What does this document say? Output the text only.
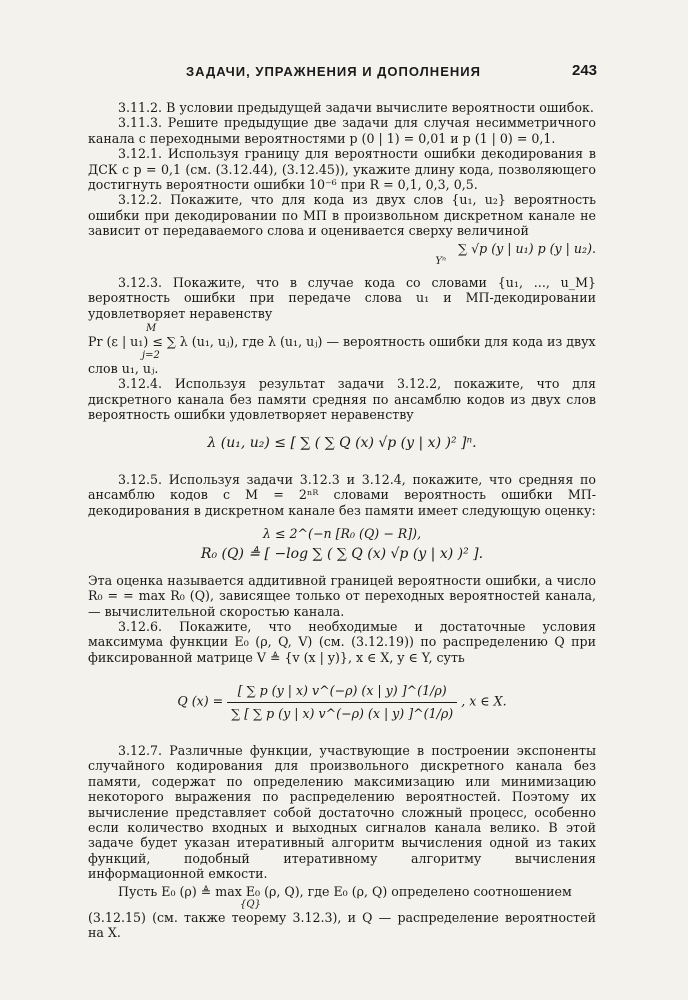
ЗАДАЧИ, УПРАЖНЕНИЯ И ДОПОЛНЕНИЯ	243

3.11.2. В условии предыдущей задачи вычислите вероятности ошибок.

3.11.3. Решите предыдущие две задачи для случая несимметричного канала с переходными вероятностями p (0 | 1) = 0,01 и p (1 | 0) = 0,1.

3.12.1. Используя границу для вероятности ошибки декодирования в ДСК с p = 0,1 (см. (3.12.44), (3.12.45)), укажите длину кода, позволяющего достигнуть вероятности ошибки 10⁻⁶ при R = 0,1, 0,3, 0,5.

3.12.2. Покажите, что для кода из двух слов {u₁, u₂} вероятность ошибки при декодировании по МП в произвольном дискретном канале не зависит от передаваемого слова и оценивается сверху величиной

∑ √p (y | u₁) p (y | u₂).
Yⁿ

3.12.3. Покажите, что в случае кода со словами {u₁, ..., u_M} вероятность ошибки при передаче слова u₁ и МП-декодировании удовлетворяет неравенству

M

Pr (ε | u₁) ≤ ∑ λ (u₁, uⱼ), где λ (u₁, uⱼ) — вероятность ошибки для кода из двух

j=2

слов u₁, uⱼ.

3.12.4. Используя результат задачи 3.12.2, покажите, что для дискретного канала без памяти средняя по ансамблю кодов из двух слов вероятность ошибки удовлетворяет неравенству

λ (u₁, u₂) ≤ [ ∑ ( ∑ Q (x) √p (y | x) )² ]ⁿ.

3.12.5. Используя задачи 3.12.3 и 3.12.4, покажите, что средняя по ансамблю кодов с M = 2ⁿᴿ словами вероятность ошибки МП-декодирования в дискретном канале без памяти имеет следующую оценку:

λ ≤ 2^(−n [R₀ (Q) − R]),
R₀ (Q) ≜ [ −log ∑ ( ∑ Q (x) √p (y | x) )² ].

Эта оценка называется аддитивной границей вероятности ошибки, а число R₀ = = max R₀ (Q), зависящее только от переходных вероятностей канала, — вычислительной скоростью канала.

3.12.6. Покажите, что необходимые и достаточные условия максимума функции E₀ (ρ, Q, V) (см. (3.12.19)) по распределению Q при фиксированной матрице V ≜ {v (x | y)}, x ∈ X, y ∈ Y, суть

Q $(x) = \frac{[ \sum p (y | x) v\^{}(-\rho) (x | y) ]\^{}(1/\rho)}{\sum [ \sum p (y | x) v\^{}(-\rho) (x | y) ]\^{}(1/\rho)}$ , x ∈ X.

3.12.7. Различные функции, участвующие в построении экспоненты случайного кодирования для произвольного дискретного канала без памяти, содержат по определению максимизацию или минимизацию некоторого выражения по распределению вероятностей. Поэтому их вычисление представляет собой достаточно сложный процесс, особенно если количество входных и выходных сигналов канала велико. В этой задаче будет указан итеративный алгоритм вычисления одной из таких функций, подобный итеративному алгоритму вычисления информационной емкости.

Пусть E₀ (ρ) ≜ max E₀ (ρ, Q), где E₀ (ρ, Q) определено соотношением

{Q}

(3.12.15) (см. также теорему 3.12.3), и Q — распределение вероятностей на X.
